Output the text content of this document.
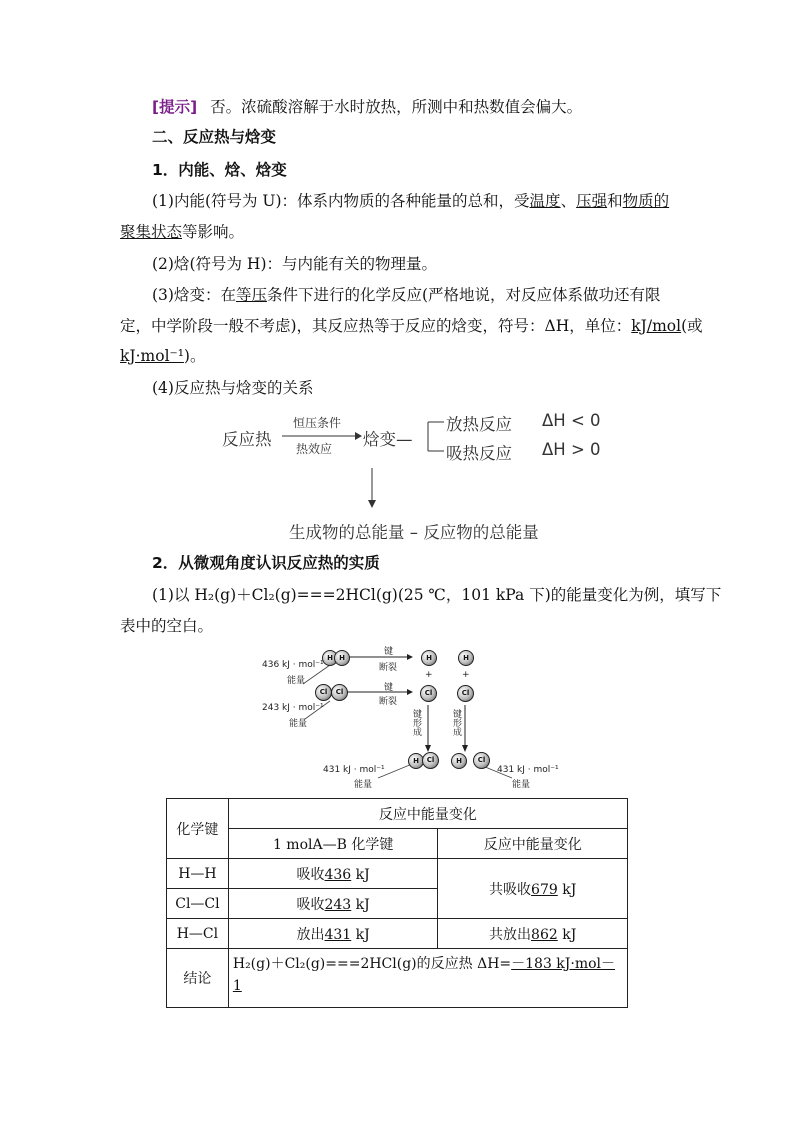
[提示] 否。浓硫酸溶解于水时放热，所测中和热数值会偏大。
二、反应热与焓变
1．内能、焓、焓变
(1)内能(符号为 U)：体系内物质的各种能量的总和，受温度、压强和物质的
聚集状态等影响。
(2)焓(符号为 H)：与内能有关的物理量。
(3)焓变：在等压条件下进行的化学反应(严格地说，对反应体系做功还有限
定，中学阶段一般不考虑)，其反应热等于反应的焓变，符号：ΔH，单位：kJ/mol(或
kJ·mol⁻¹)。
(4)反应热与焓变的关系
反应热
恒压条件
热效应 焓变—
放热反应 ΔH < 0
吸热反应 ΔH > 0
生成物的总能量 – 反应物的总能量
2．从微观角度认识反应热的实质
(1)以 H₂(g)＋Cl₂(g)===2HCl(g)(25 ℃，101 kPa 下)的能量变化为例，填写下
表中的空白。
H H
Cl	Cl
H	H
Cl	Cl
+	+
436 kJ · mol⁻¹
能量
243 kJ · mol⁻¹
能量
键
断裂
键
断裂
键形成	键形成
H	Cl	H	Cl
431 kJ · mol⁻¹
能量
431 kJ · mol⁻¹
能量
化学键	反应中能量变化	
	1 molA—B 化学键	反应中能量变化
H—H	吸收436 kJ	共吸收679 kJ
Cl—Cl	吸收243 kJ	
H—Cl	放出431 kJ	共放出862 kJ
结论	H₂(g)＋Cl₂(g)===2HCl(g)的反应热 ΔH=－183 kJ·mol－
1	
